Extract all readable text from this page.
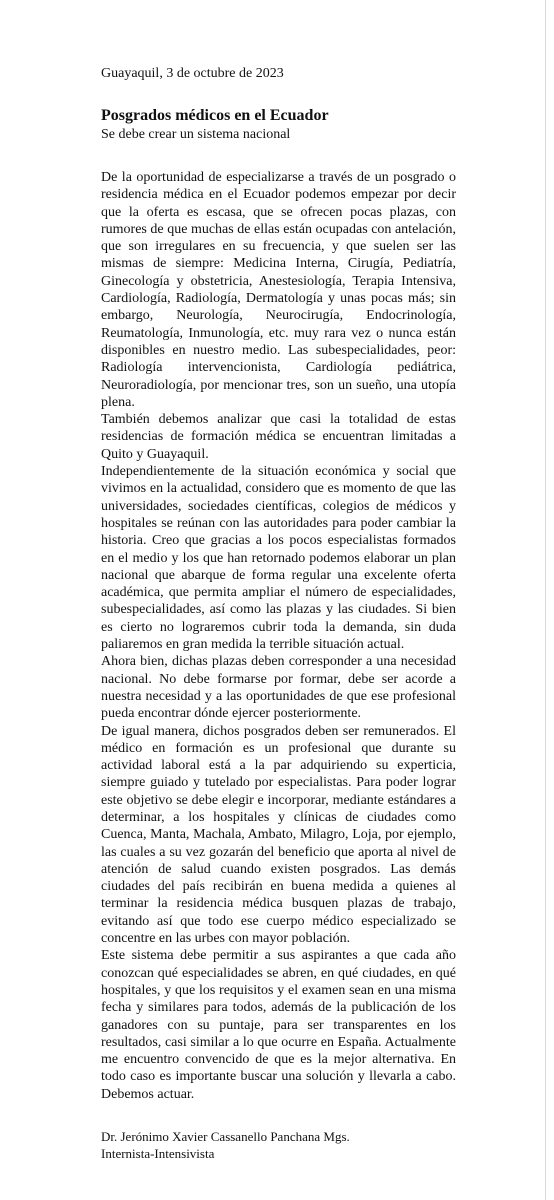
Guayaquil, 3 de octubre de 2023

Posgrados médicos en el Ecuador

Se debe crear un sistema nacional

De la oportunidad de especializarse a través de un posgrado o residencia médica en el Ecuador podemos empezar por decir que la oferta es escasa, que se ofrecen pocas plazas, con rumores de que muchas de ellas están ocupadas con antelación, que son irregulares en su frecuencia, y que suelen ser las mismas de siempre: Medicina Interna, Cirugía, Pediatría, Ginecología y obstetricia, Anestesiología, Terapia Intensiva, Cardiología, Radiología, Dermatología y unas pocas más; sin embargo, Neurología, Neurocirugía, Endocrinología, Reumatología, Inmunología, etc. muy rara vez o nunca están disponibles en nuestro medio. Las subespecialidades, peor: Radiología intervencionista, Cardiología pediátrica, Neuroradiología, por mencionar tres, son un sueño, una utopía plena.

También debemos analizar que casi la totalidad de estas residencias de formación médica se encuentran limitadas a Quito y Guayaquil.

Independientemente de la situación económica y social que vivimos en la actualidad, considero que es momento de que las universidades, sociedades científicas, colegios de médicos y hospitales se reúnan con las autoridades para poder cambiar la historia. Creo que gracias a los pocos especialistas formados en el medio y los que han retornado podemos elaborar un plan nacional que abarque de forma regular una excelente oferta académica, que permita ampliar el número de especialidades, subespecialidades, así como las plazas y las ciudades. Si bien es cierto no lograremos cubrir toda la demanda, sin duda paliaremos en gran medida la terrible situación actual.

Ahora bien, dichas plazas deben corresponder a una necesidad nacional. No debe formarse por formar, debe ser acorde a nuestra necesidad y a las oportunidades de que ese profesional pueda encontrar dónde ejercer posteriormente.

De igual manera, dichos posgrados deben ser remunerados. El médico en formación es un profesional que durante su actividad laboral está a la par adquiriendo su experticia, siempre guiado y tutelado por especialistas. Para poder lograr este objetivo se debe elegir e incorporar, mediante estándares a determinar, a los hospitales y clínicas de ciudades como Cuenca, Manta, Machala, Ambato, Milagro, Loja, por ejemplo, las cuales a su vez gozarán del beneficio que aporta al nivel de atención de salud cuando existen posgrados. Las demás ciudades del país recibirán en buena medida a quienes al terminar la residencia médica busquen plazas de trabajo, evitando así que todo ese cuerpo médico especializado se concentre en las urbes con mayor población.

Este sistema debe permitir a sus aspirantes a que cada año conozcan qué especialidades se abren, en qué ciudades, en qué hospitales, y que los requisitos y el examen sean en una misma fecha y similares para todos, además de la publicación de los ganadores con su puntaje, para ser transparentes en los resultados, casi similar a lo que ocurre en España. Actualmente me encuentro convencido de que es la mejor alternativa. En todo caso es importante buscar una solución y llevarla a cabo. Debemos actuar.

Dr. Jerónimo Xavier Cassanello Panchana Mgs.
Internista-Intensivista
